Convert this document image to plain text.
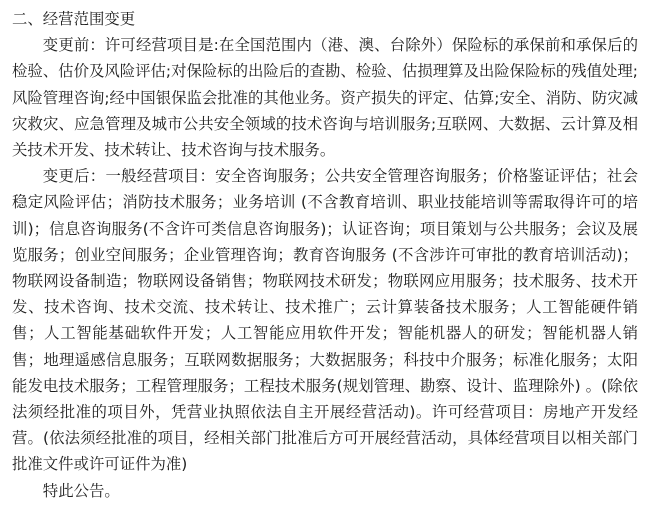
二、经营范围变更

变更前：许可经营项目是:在全国范围内（港、澳、台除外）保险标的承保前和承保后的检验、估价及风险评估;对保险标的出险后的查勘、检验、估损理算及出险保险标的残值处理;风险管理咨询;经中国银保监会批准的其他业务。资产损失的评定、估算;安全、消防、防灾减灾救灾、应急管理及城市公共安全领域的技术咨询与培训服务;互联网、大数据、云计算及相关技术开发、技术转让、技术咨询与技术服务。

变更后：一般经营项目：安全咨询服务；公共安全管理咨询服务；价格鉴证评估；社会稳定风险评估；消防技术服务；业务培训 (不含教育培训、职业技能培训等需取得许可的培训)；信息咨询服务(不含许可类信息咨询服务)；认证咨询；项目策划与公共服务；会议及展览服务；创业空间服务；企业管理咨询；教育咨询服务 (不含涉许可审批的教育培训活动)；物联网设备制造；物联网设备销售；物联网技术研发；物联网应用服务；技术服务、技术开发、技术咨询、技术交流、技术转让、技术推广；云计算装备技术服务；人工智能硬件销售；人工智能基础软件开发；人工智能应用软件开发；智能机器人的研发；智能机器人销售；地理遥感信息服务；互联网数据服务；大数据服务；科技中介服务；标准化服务；太阳能发电技术服务；工程管理服务；工程技术服务(规划管理、勘察、设计、监理除外) 。(除依法须经批准的项目外，凭营业执照依法自主开展经营活动)。许可经营项目：房地产开发经营。(依法须经批准的项目，经相关部门批准后方可开展经营活动，具体经营项目以相关部门批准文件或许可证件为准)

特此公告。
